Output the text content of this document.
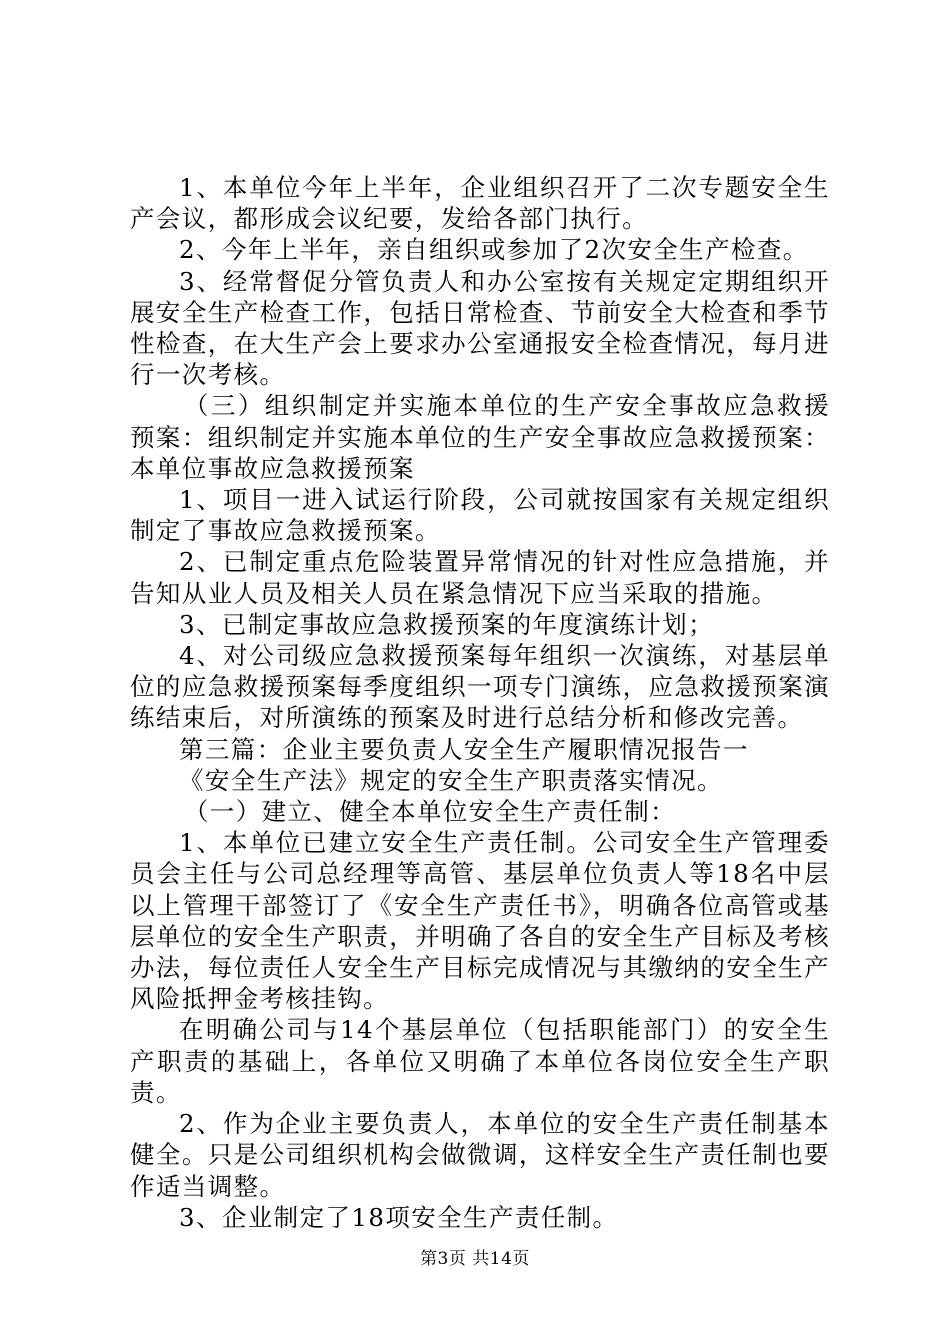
1、本单位今年上半年，企业组织召开了二次专题安全生产会议，都形成会议纪要，发给各部门执行。

2、今年上半年，亲自组织或参加了2次安全生产检查。

3、经常督促分管负责人和办公室按有关规定定期组织开展安全生产检查工作，包括日常检查、节前安全大检查和季节性检查，在大生产会上要求办公室通报安全检查情况，每月进行一次考核。

（三）组织制定并实施本单位的生产安全事故应急救援预案：组织制定并实施本单位的生产安全事故应急救援预案：本单位事故应急救援预案

1、项目一进入试运行阶段，公司就按国家有关规定组织制定了事故应急救援预案。

2、已制定重点危险装置异常情况的针对性应急措施，并告知从业人员及相关人员在紧急情况下应当采取的措施。

3、已制定事故应急救援预案的年度演练计划；

4、对公司级应急救援预案每年组织一次演练，对基层单位的应急救援预案每季度组织一项专门演练，应急救援预案演练结束后，对所演练的预案及时进行总结分析和修改完善。

第三篇：企业主要负责人安全生产履职情况报告一

《安全生产法》规定的安全生产职责落实情况。

（一）建立、健全本单位安全生产责任制：

1、本单位已建立安全生产责任制。公司安全生产管理委员会主任与公司总经理等高管、基层单位负责人等18名中层以上管理干部签订了《安全生产责任书》，明确各位高管或基层单位的安全生产职责，并明确了各自的安全生产目标及考核办法，每位责任人安全生产目标完成情况与其缴纳的安全生产风险抵押金考核挂钩。

在明确公司与14个基层单位（包括职能部门）的安全生产职责的基础上，各单位又明确了本单位各岗位安全生产职责。

2、作为企业主要负责人，本单位的安全生产责任制基本健全。只是公司组织机构会做微调，这样安全生产责任制也要作适当调整。

3、企业制定了18项安全生产责任制。

第3页 共14页
